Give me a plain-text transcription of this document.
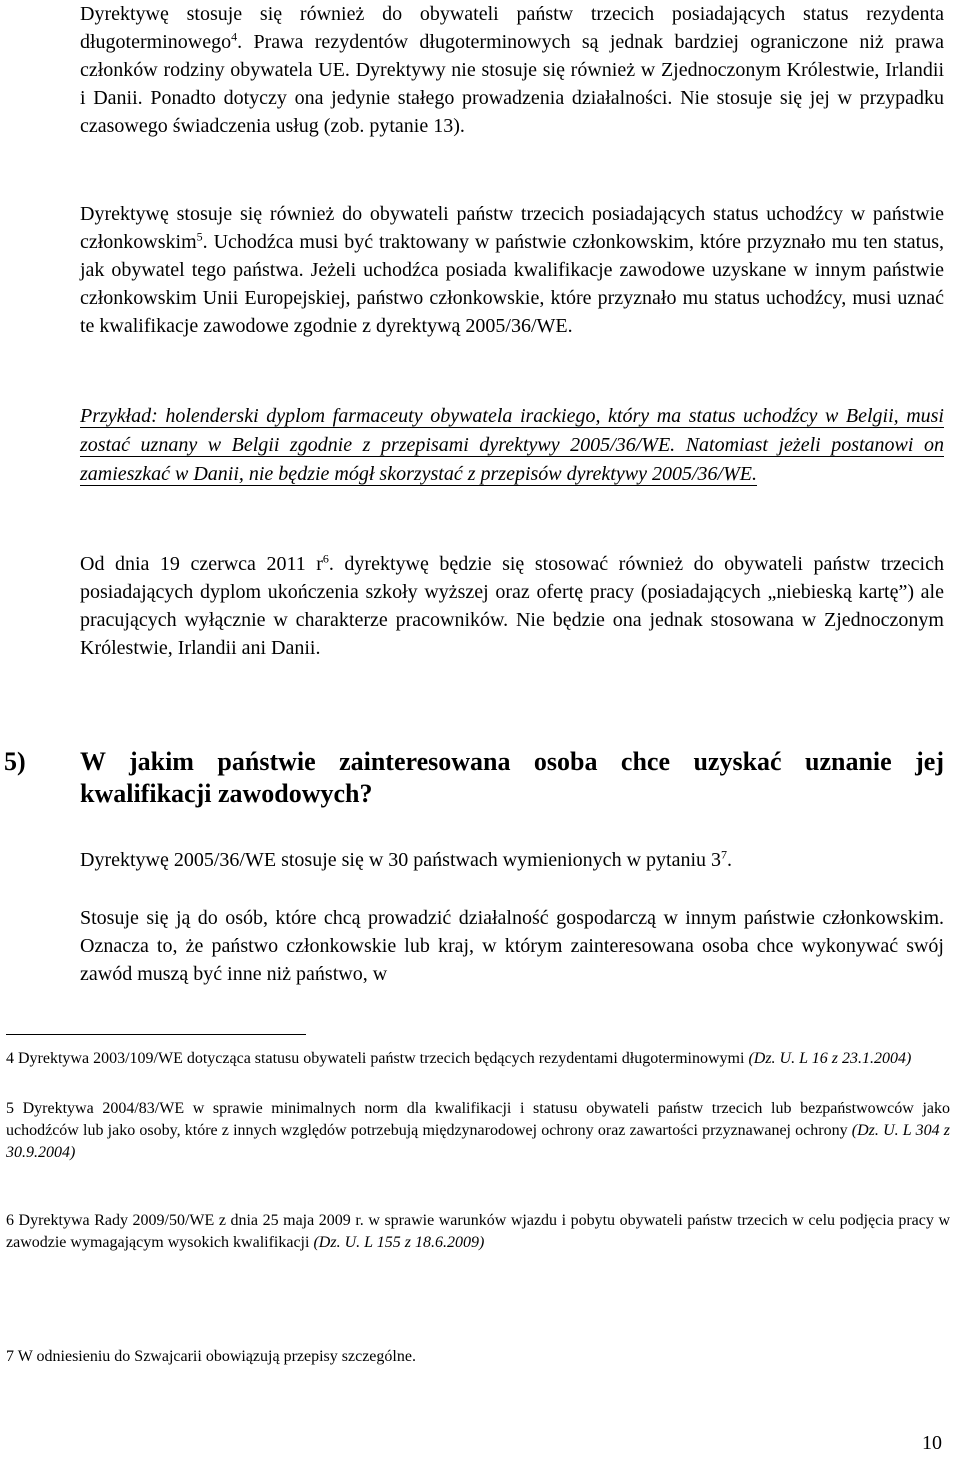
Dyrektywę stosuje się również do obywateli państw trzecich posiadających status rezydenta długoterminowego$^4$. Prawa rezydentów długoterminowych są jednak bardziej ograniczone niż prawa członków rodziny obywatela UE. Dyrektywy nie stosuje się również w Zjednoczonym Królestwie, Irlandii i Danii. Ponadto dotyczy ona jedynie stałego prowadzenia działalności. Nie stosuje się jej w przypadku czasowego świadczenia usług (zob. pytanie 13).

Dyrektywę stosuje się również do obywateli państw trzecich posiadających status uchodźcy w państwie członkowskim$^5$. Uchodźca musi być traktowany w państwie członkowskim, które przyznało mu ten status, jak obywatel tego państwa. Jeżeli uchodźca posiada kwalifikacje zawodowe uzyskane w innym państwie członkowskim Unii Europejskiej, państwo członkowskie, które przyznało mu status uchodźcy, musi uznać te kwalifikacje zawodowe zgodnie z dyrektywą 2005/36/WE.

Przykład: holenderski dyplom farmaceuty obywatela irackiego, który ma status uchodźcy w Belgii, musi zostać uznany w Belgii zgodnie z przepisami dyrektywy 2005/36/WE. Natomiast jeżeli postanowi on zamieszkać w Danii, nie będzie mógł skorzystać z przepisów dyrektywy 2005/36/WE.

Od dnia 19 czerwca 2011 $r^6$. dyrektywę będzie się stosować również do obywateli państw trzecich posiadających dyplom ukończenia szkoły wyższej oraz ofertę pracy (posiadających „niebieską kartę”) ale pracujących wyłącznie w charakterze pracowników. Nie będzie ona jednak stosowana w Zjednoczonym Królestwie, Irlandii ani Danii.

5) W jakim państwie zainteresowana osoba chce uzyskać uznanie jej kwalifikacji zawodowych?

Dyrektywę 2005/36/WE stosuje się w 30 państwach wymienionych w pytaniu $3^7$.

Stosuje się ją do osób, które chcą prowadzić działalność gospodarczą w innym państwie członkowskim. Oznacza to, że państwo członkowskie lub kraj, w którym zainteresowana osoba chce wykonywać swój zawód muszą być inne niż państwo, w

4 Dyrektywa 2003/109/WE dotycząca statusu obywateli państw trzecich będących rezydentami długoterminowymi (Dz. U. L 16 z 23.1.2004)
5 Dyrektywa 2004/83/WE w sprawie minimalnych norm dla kwalifikacji i statusu obywateli państw trzecich lub bezpaństwowców jako uchodźców lub jako osoby, które z innych względów potrzebują międzynarodowej ochrony oraz zawartości przyznawanej ochrony (Dz. U. L 304 z 30.9.2004)
6 Dyrektywa Rady 2009/50/WE z dnia 25 maja 2009 r. w sprawie warunków wjazdu i pobytu obywateli państw trzecich w celu podjęcia pracy w zawodzie wymagającym wysokich kwalifikacji (Dz. U. L 155 z 18.6.2009)
7 W odniesieniu do Szwajcarii obowiązują przepisy szczególne.
10
